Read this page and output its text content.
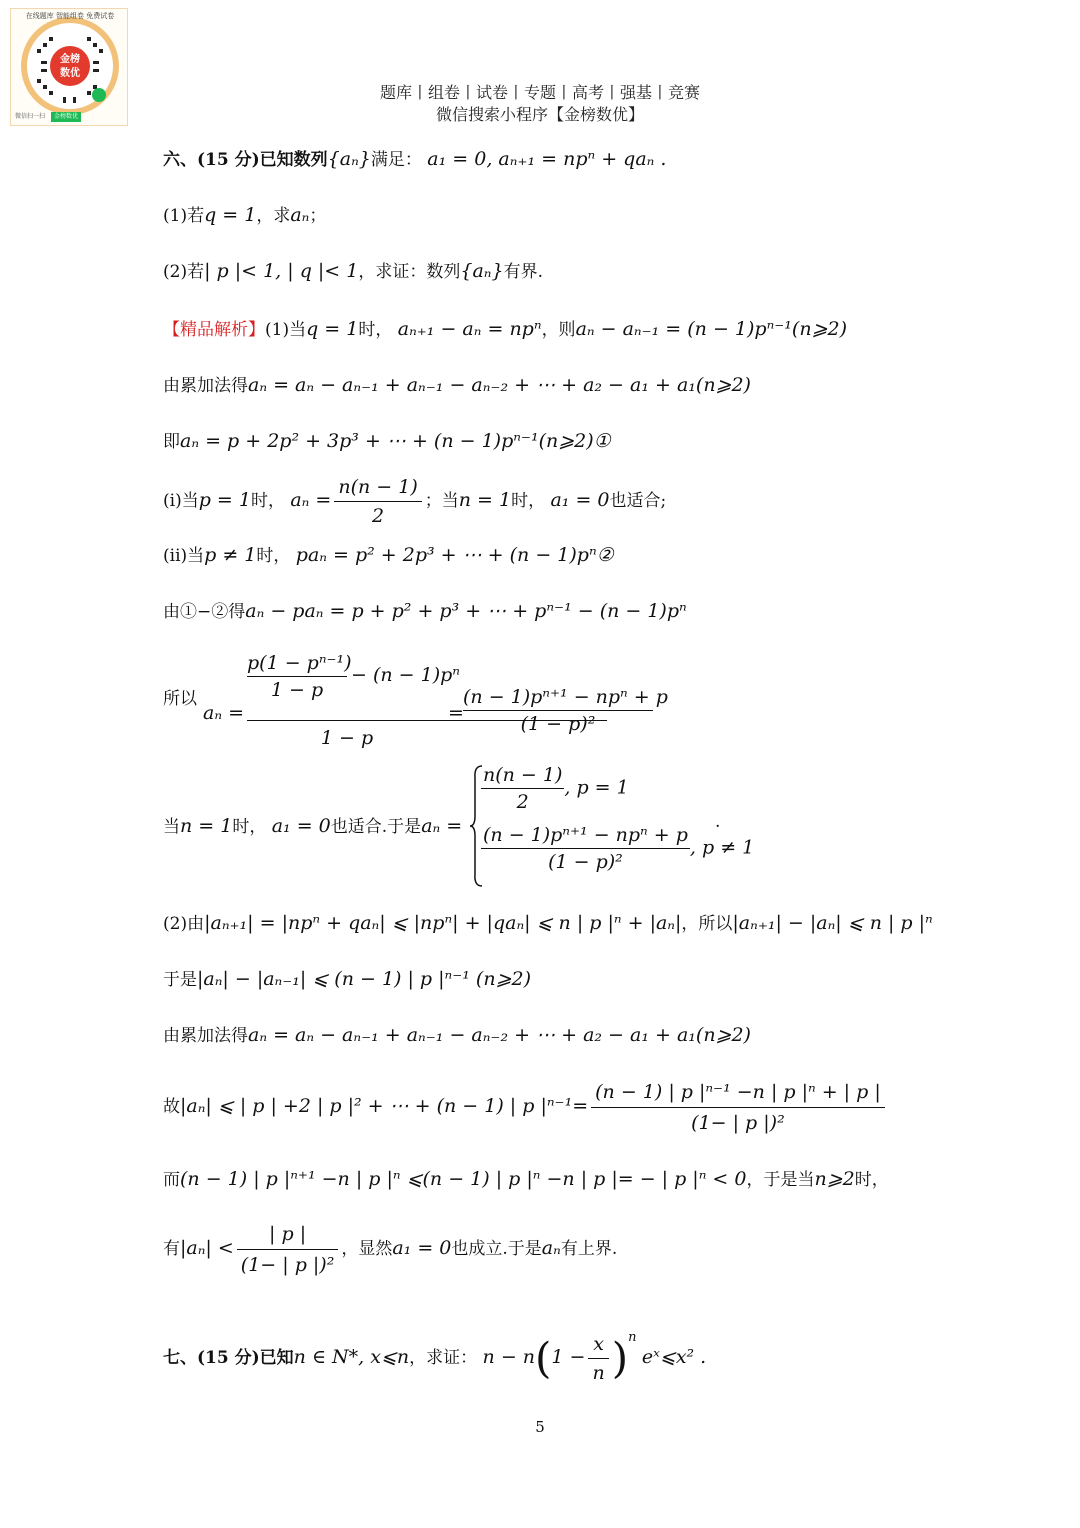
金榜
数优
在线题库 智能组卷 免费试卷
微信扫一扫 金榜数优
题库丨组卷丨试卷丨专题丨高考丨强基丨竞赛
微信搜索小程序【金榜数优】
六、(15 分)已知数列{aₙ}满足： a₁ = 0, aₙ₊₁ = npⁿ + qaₙ .
(1)若q = 1，求aₙ；
(2)若| p |< 1, | q |< 1，求证：数列{aₙ}有界.
【精品解析】(1)当q = 1时， aₙ₊₁ − aₙ = npⁿ，则aₙ − aₙ₋₁ = (n − 1)pⁿ⁻¹(n⩾2)
由累加法得aₙ = aₙ − aₙ₋₁ + aₙ₋₁ − aₙ₋₂ + ⋯ + a₂ − a₁ + a₁(n⩾2)
即aₙ = p + 2p² + 3p³ + ⋯ + (n − 1)pⁿ⁻¹(n⩾2)①
(i)当p = 1时， $a_n = \frac{n(n - 1)}{2}$ ；当n = 1时， a₁ = 0也适合;
(ii)当p ≠ 1时， paₙ = p² + 2p³ + ⋯ + (n − 1)pⁿ②
由①−②得aₙ − paₙ = p + p² + p³ + ⋯ + pⁿ⁻¹ − (n − 1)pⁿ
所以
$a_n = \frac{\frac{\text{p(1 − pⁿ⁻¹)}}{1 - p} - (n - 1)p^n}{1 - p}$
=
(n − 1)pⁿ⁺¹ − npⁿ + p
(1 − p)²
当n = 1时， a₁ = 0也适合.于是aₙ =
$\frac{n(n - 1)}{2}$ , p = 1
(n − 1)pⁿ⁺¹ − npⁿ + p
(1 − p)²
, p ≠ 1
.
(2)由|aₙ₊₁| = |npⁿ + qaₙ| ⩽ |npⁿ| + |qaₙ| ⩽ n | p |ⁿ + |aₙ|，所以|aₙ₊₁| − |aₙ| ⩽ n | p |ⁿ
于是|aₙ| − |aₙ₋₁| ⩽ (n − 1) | p |ⁿ⁻¹ (n⩾2)
由累加法得aₙ = aₙ − aₙ₋₁ + aₙ₋₁ − aₙ₋₂ + ⋯ + a₂ − a₁ + a₁(n⩾2)
故|aₙ| ⩽ | p | +2 | p |² + ⋯ + (n − 1) | p $|^{n-1}= \frac{\text{(n − 1) | p |ⁿ⁻¹ −n | p |ⁿ + | p |}}{\text{(1− | p |)²}}$
而(n − 1) | p |ⁿ⁺¹ −n | p |ⁿ ⩽(n − 1) | p |ⁿ −n | p |= − | p |ⁿ < 0，于是当n⩾2时，
有$|a_n| < \frac{| p |}{\text{(1− | p |)²}}$ ，显然a₁ = 0也成立.于是aₙ有上界.
七、(15 分)已知n ∈ N*, x⩽n，求证： $n - n(1 - \frac{x}{n} )^n$ eˣ⩽x² .
5
